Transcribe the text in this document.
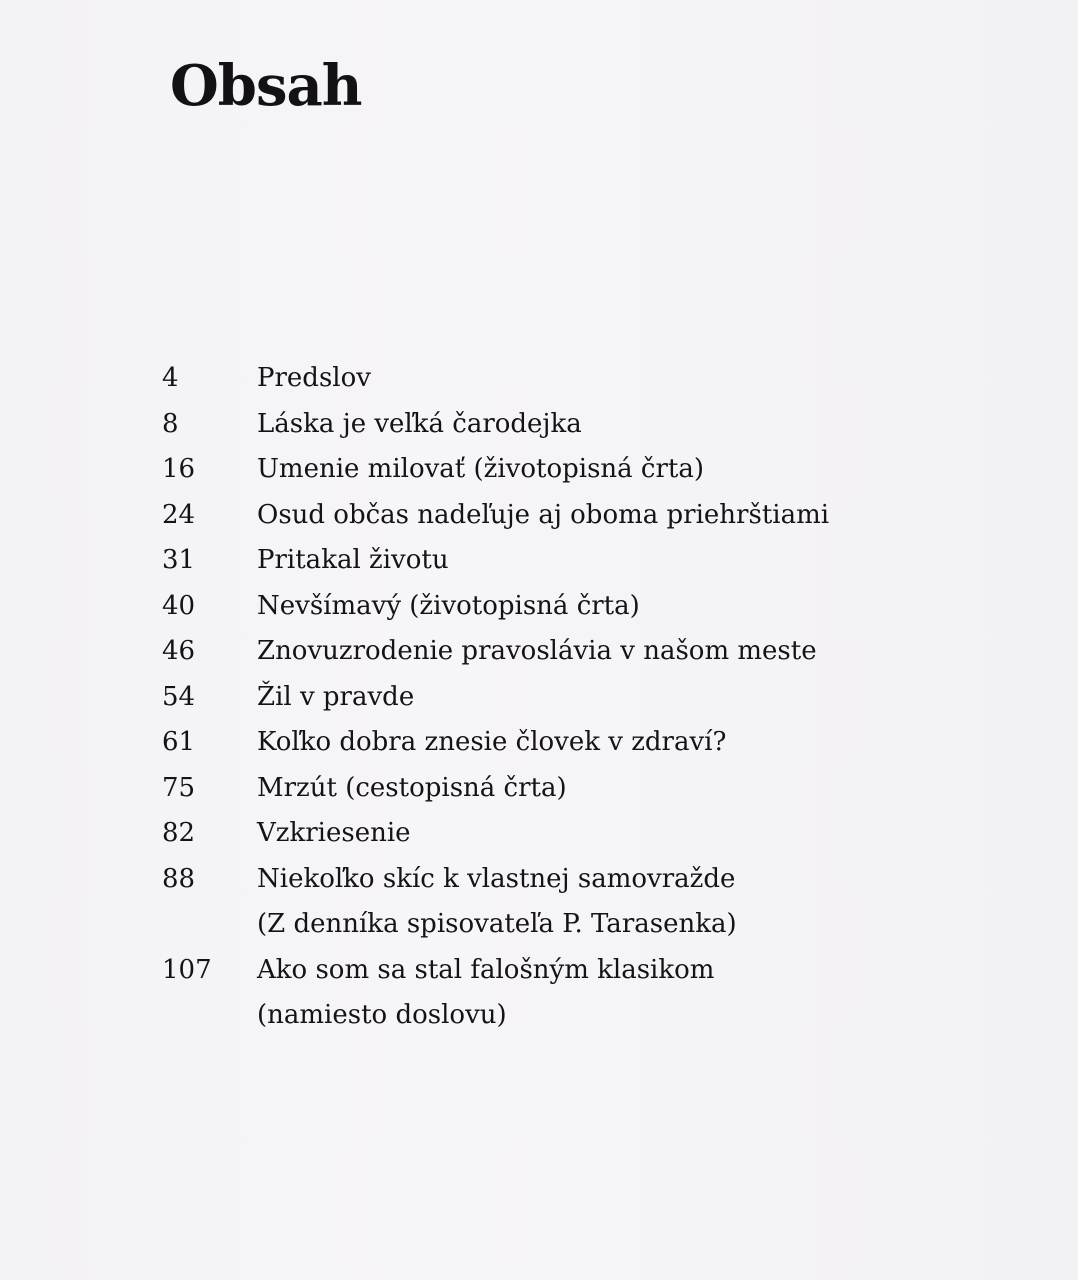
Obsah
4	Predslov
8	Láska je veľká čarodejka
16	Umenie milovať (životopisná črta)
24	Osud občas nadeľuje aj oboma priehrštiami
31	Pritakal životu
40	Nevšímavý (životopisná črta)
46	Znovuzrodenie pravoslávia v našom meste
54	Žil v pravde
61	Koľko dobra znesie človek v zdraví?
75	Mrzút (cestopisná črta)
82	Vzkriesenie
88	Niekoľko skíc k vlastnej samovražde
(Z denníka spisovateľa P. Tarasenka)
107	Ako som sa stal falošným klasikom
(namiesto doslovu)
